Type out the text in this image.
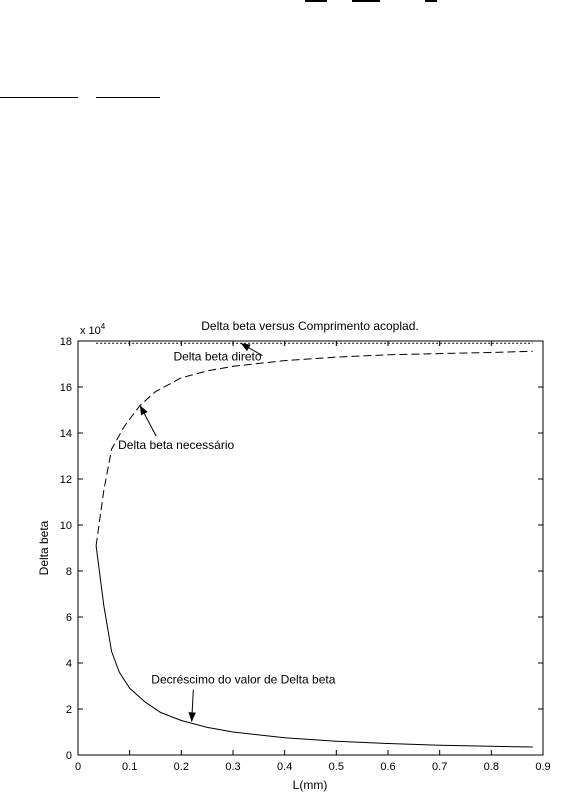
Delta beta versus Comprimento acoplad.
x $10^4$
L(mm)
Delta beta
0	0.1	0.2	0.3	0.4	0.5	0.6	0.7	0.8	0.9
0
2
4
6
8
10
12
14
16
18
Delta beta direto
Delta beta necessário
Decréscimo do valor de Delta beta
